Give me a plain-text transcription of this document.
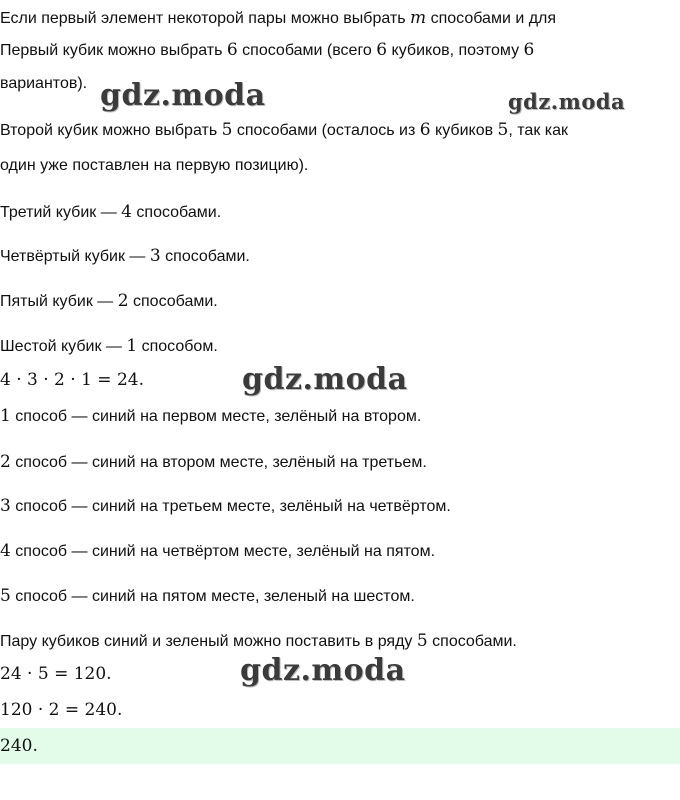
Если первый элемент некоторой пары можно выбрать m способами и для
Первый кубик можно выбрать 6 способами (всего 6 кубиков, поэтому 6
вариантов).
Второй кубик можно выбрать 5 способами (осталось из 6 кубиков 5, так как
один уже поставлен на первую позицию).
Третий кубик — 4 способами.
Четвёртый кубик — 3 способами.
Пятый кубик — 2 способами.
Шестой кубик — 1 способом.
4 · 3 · 2 · 1 = 24.
1 способ — синий на первом месте, зелёный на втором.
2 способ — синий на втором месте, зелёный на третьем.
3 способ — синий на третьем месте, зелёный на четвёртом.
4 способ — синий на четвёртом месте, зелёный на пятом.
5 способ — синий на пятом месте, зеленый на шестом.
Пару кубиков синий и зеленый можно поставить в ряду 5 способами.
24 · 5 = 120.
120 · 2 = 240.
240.
gdz.moda	gdz.moda
gdz.moda
gdz.moda
